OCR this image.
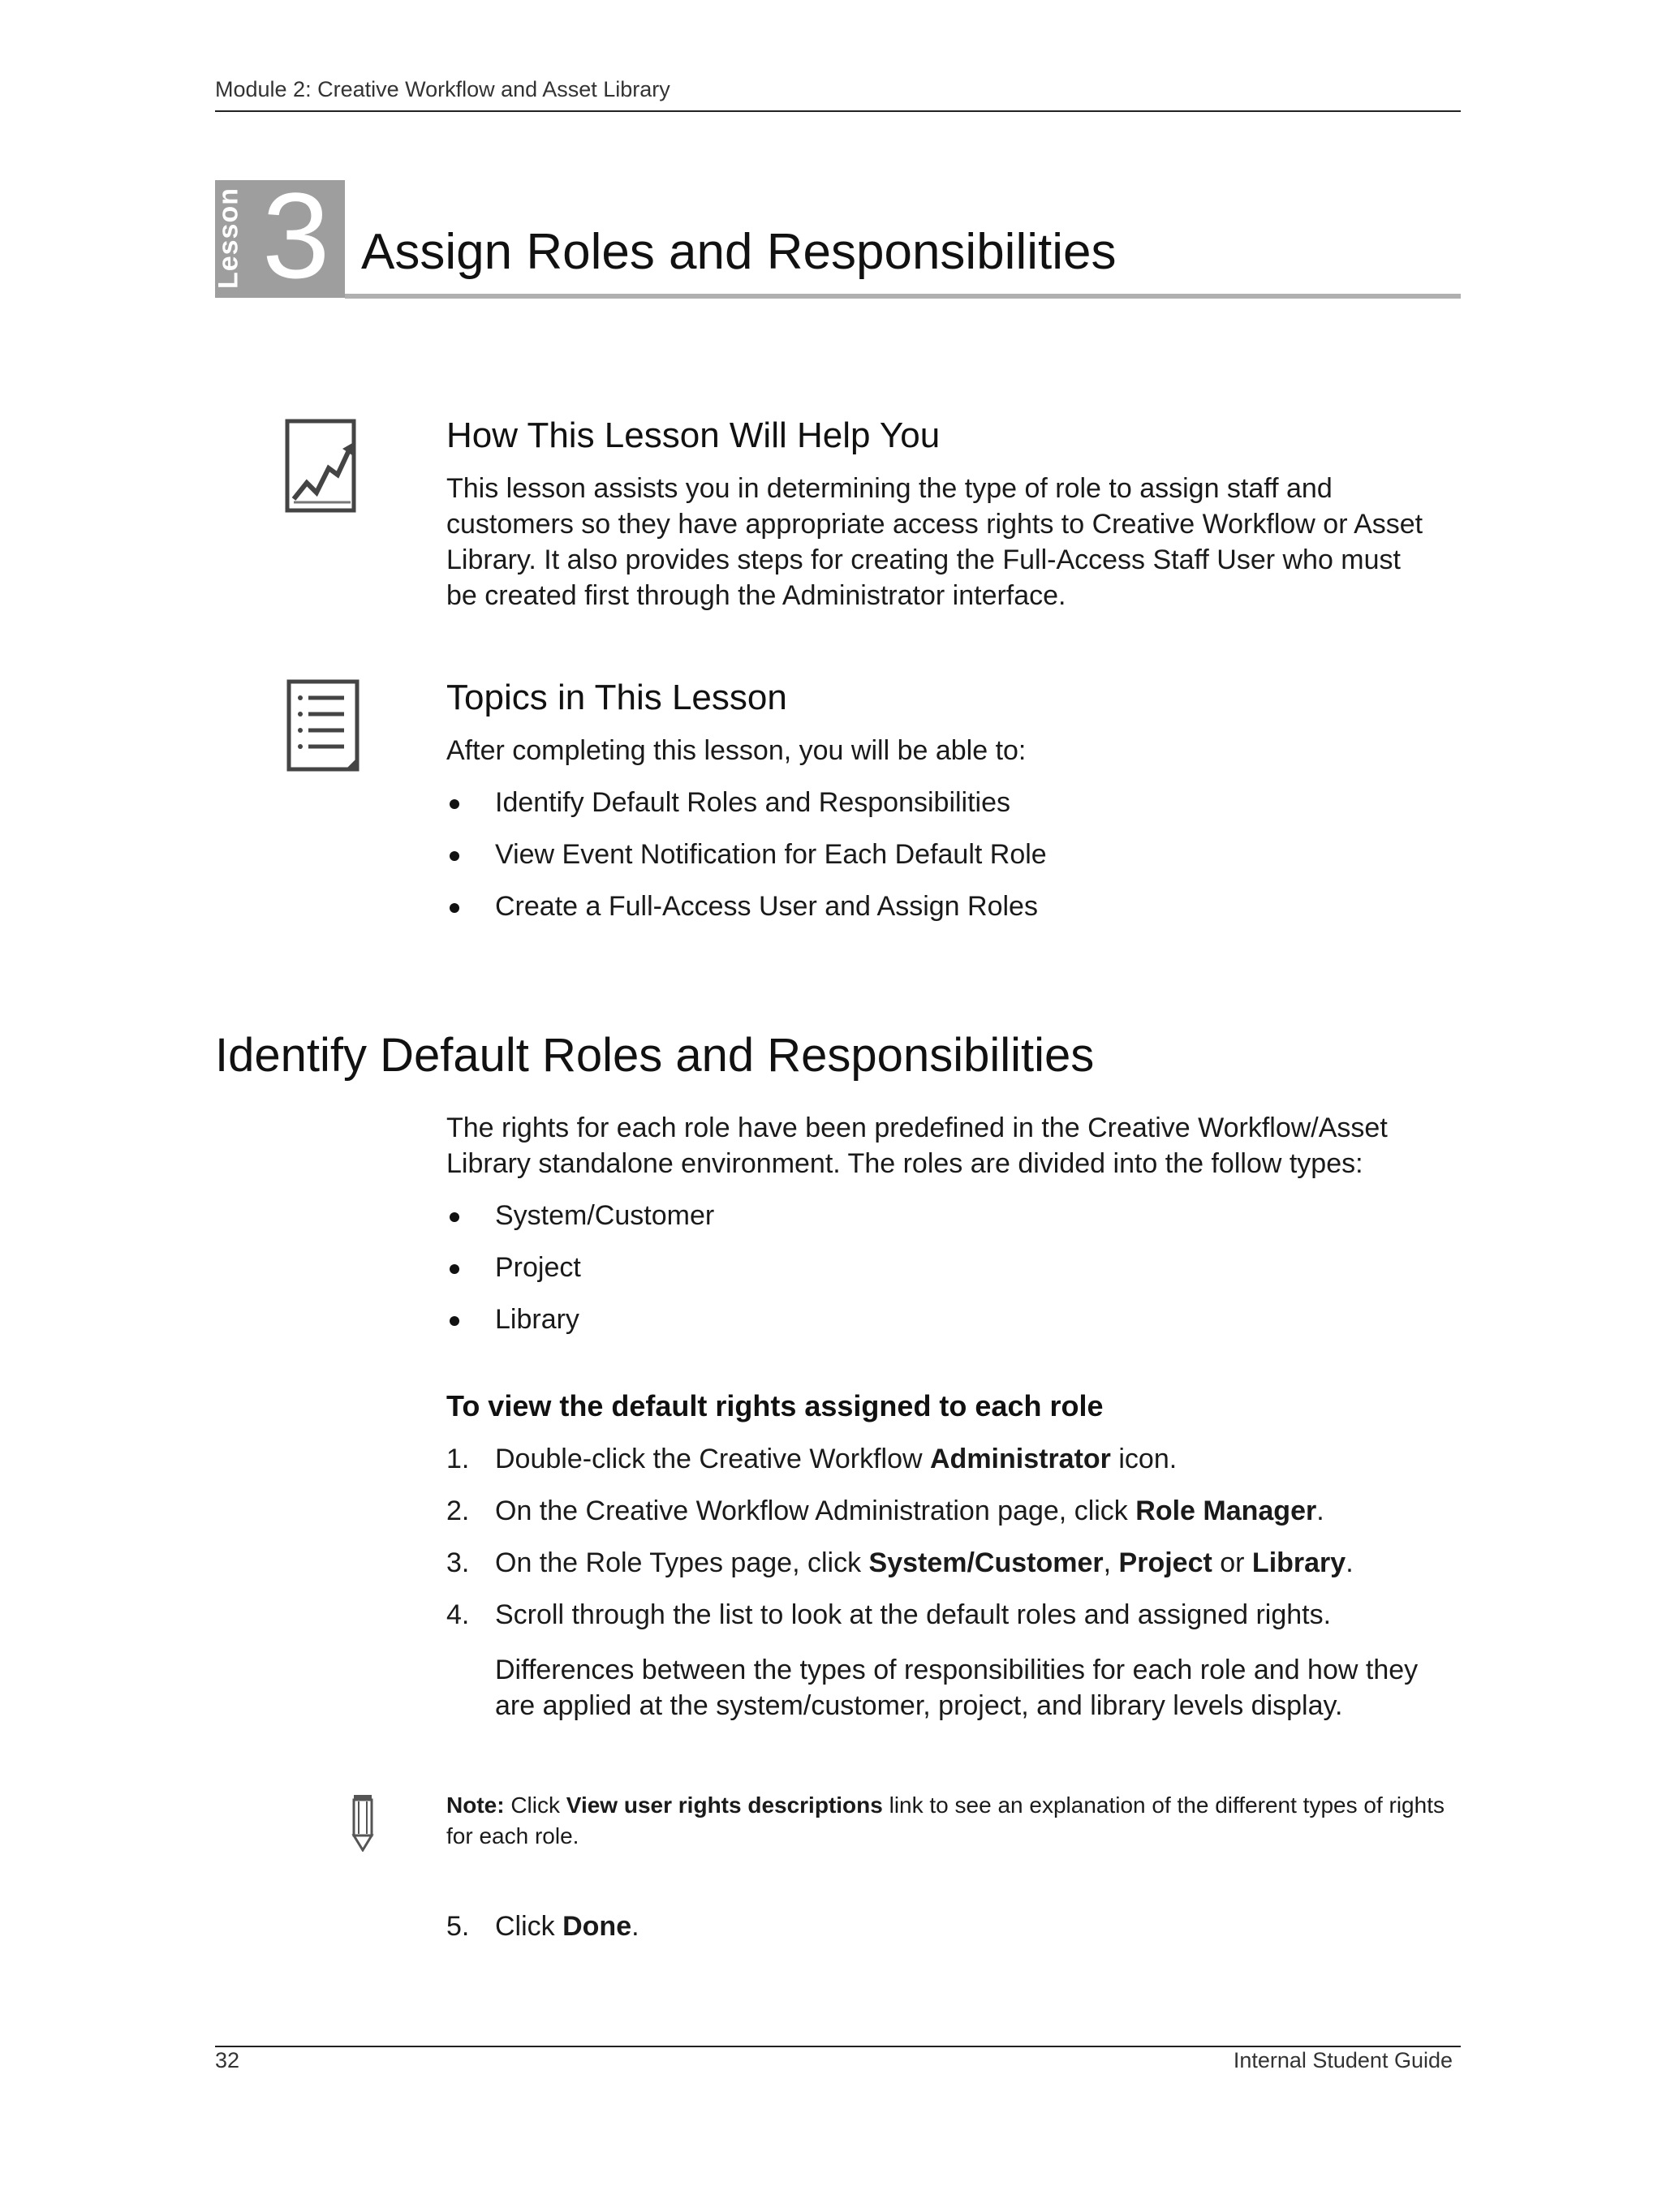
Module 2: Creative Workflow and Asset Library
Lesson 3 Assign Roles and Responsibilities
How This Lesson Will Help You
This lesson assists you in determining the type of role to assign staff and
customers so they have appropriate access rights to Creative Workflow or Asset
Library. It also provides steps for creating the Full-Access Staff User who must
be created first through the Administrator interface.
Topics in This Lesson
After completing this lesson, you will be able to:
Identify Default Roles and Responsibilities
View Event Notification for Each Default Role
Create a Full-Access User and Assign Roles
Identify Default Roles and Responsibilities
The rights for each role have been predefined in the Creative Workflow/Asset
Library standalone environment. The roles are divided into the follow types:
System/Customer
Project
Library
To view the default rights assigned to each role
1. Double-click the Creative Workflow Administrator icon.
2. On the Creative Workflow Administration page, click Role Manager.
3. On the Role Types page, click System/Customer, Project or Library.
4. Scroll through the list to look at the default roles and assigned rights.
Differences between the types of responsibilities for each role and how they
are applied at the system/customer, project, and library levels display.
Note: Click View user rights descriptions link to see an explanation of the different types of rights
for each role.
5. Click Done.
32	Internal Student Guide
